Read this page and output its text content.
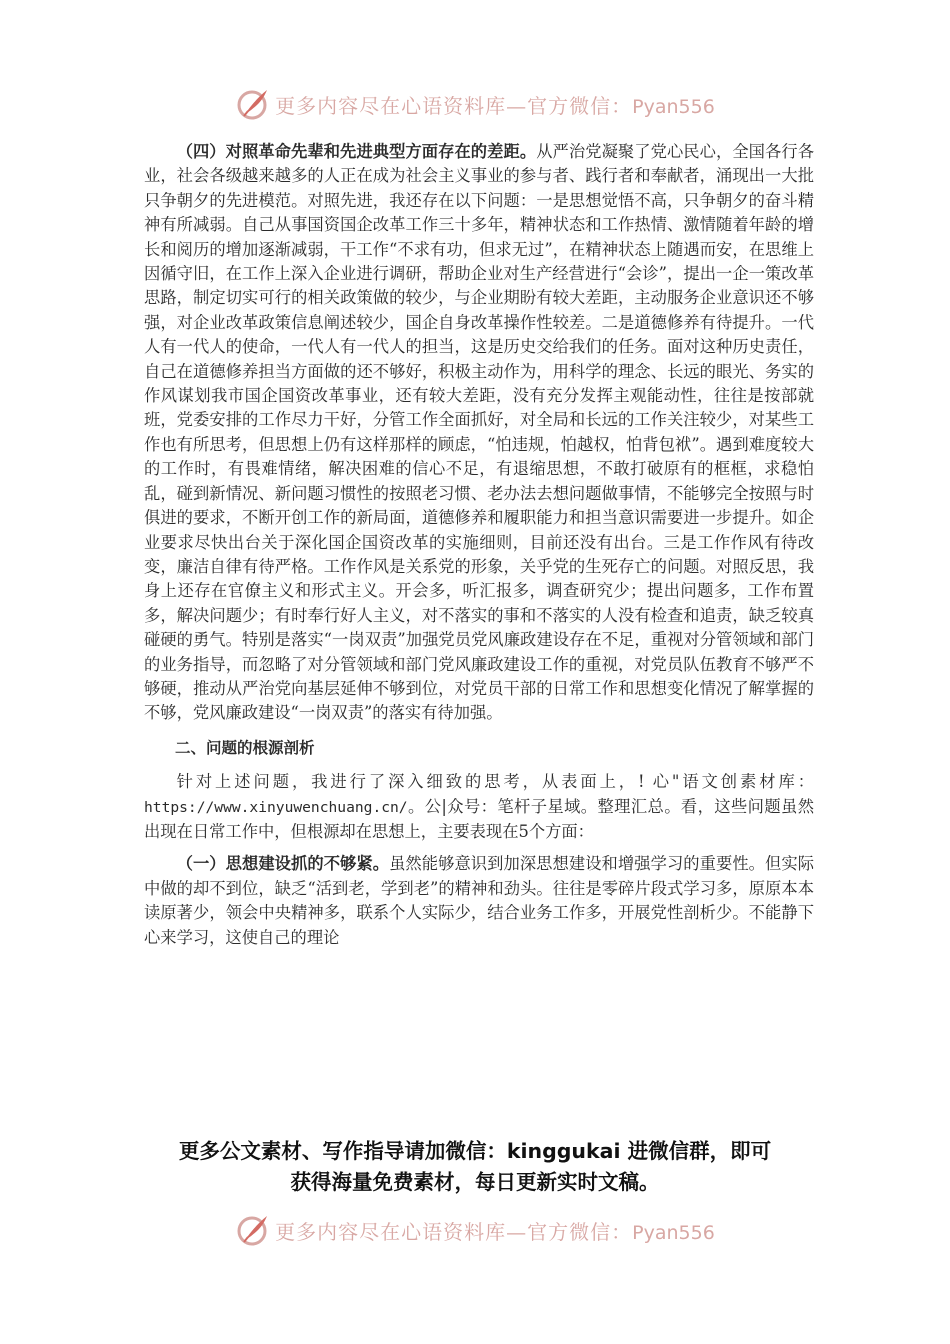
更多内容尽在心语资料库—官方微信：Pyan556

（四）对照革命先辈和先进典型方面存在的差距。从严治党凝聚了党心民心，全国各行各业，社会各级越来越多的人正在成为社会主义事业的参与者、践行者和奉献者，涌现出一大批只争朝夕的先进模范。对照先进，我还存在以下问题：一是思想觉悟不高，只争朝夕的奋斗精神有所减弱。自己从事国资国企改革工作三十多年，精神状态和工作热情、激情随着年龄的增长和阅历的增加逐渐减弱，干工作“不求有功，但求无过”，在精神状态上随遇而安，在思维上因循守旧，在工作上深入企业进行调研，帮助企业对生产经营进行“会诊”，提出一企一策改革思路，制定切实可行的相关政策做的较少，与企业期盼有较大差距，主动服务企业意识还不够强，对企业改革政策信息阐述较少，国企自身改革操作性较差。二是道德修养有待提升。一代人有一代人的使命，一代人有一代人的担当，这是历史交给我们的任务。面对这种历史责任，自己在道德修养担当方面做的还不够好，积极主动作为，用科学的理念、长远的眼光、务实的作风谋划我市国企国资改革事业，还有较大差距，没有充分发挥主观能动性，往往是按部就班，党委安排的工作尽力干好，分管工作全面抓好，对全局和长远的工作关注较少，对某些工作也有所思考，但思想上仍有这样那样的顾虑，“怕违规，怕越权，怕背包袱”。遇到难度较大的工作时，有畏难情绪，解决困难的信心不足，有退缩思想，不敢打破原有的框框，求稳怕乱，碰到新情况、新问题习惯性的按照老习惯、老办法去想问题做事情，不能够完全按照与时俱进的要求，不断开创工作的新局面，道德修养和履职能力和担当意识需要进一步提升。如企业要求尽快出台关于深化国企国资改革的实施细则，目前还没有出台。三是工作作风有待改变，廉洁自律有待严格。工作作风是关系党的形象，关乎党的生死存亡的问题。对照反思，我身上还存在官僚主义和形式主义。开会多，听汇报多，调查研究少；提出问题多，工作布置多，解决问题少；有时奉行好人主义，对不落实的事和不落实的人没有检查和追责，缺乏较真碰硬的勇气。特别是落实“一岗双责”加强党员党风廉政建设存在不足，重视对分管领域和部门的业务指导，而忽略了对分管领域和部门党风廉政建设工作的重视，对党员队伍教育不够严不够硬，推动从严治党向基层延伸不够到位，对党员干部的日常工作和思想变化情况了解掌握的不够，党风廉政建设“一岗双责”的落实有待加强。

二、问题的根源剖析

针对上述问题，我进行了深入细致的思考，从表面上，! 心"语文创素材库：https://www.xinyuwenchuang.cn/。公|众号：笔杆子星域。整理汇总。看，这些问题虽然出现在日常工作中，但根源却在思想上，主要表现在5个方面：

（一）思想建设抓的不够紧。虽然能够意识到加深思想建设和增强学习的重要性。但实际中做的却不到位，缺乏“活到老，学到老”的精神和劲头。往往是零碎片段式学习多，原原本本读原著少，领会中央精神多，联系个人实际少，结合业务工作多，开展党性剖析少。不能静下心来学习，这使自己的理论

更多公文素材、写作指导请加微信：kinggukai 进微信群，即可
获得海量免费素材，每日更新实时文稿。
更多内容尽在心语资料库—官方微信：Pyan556
